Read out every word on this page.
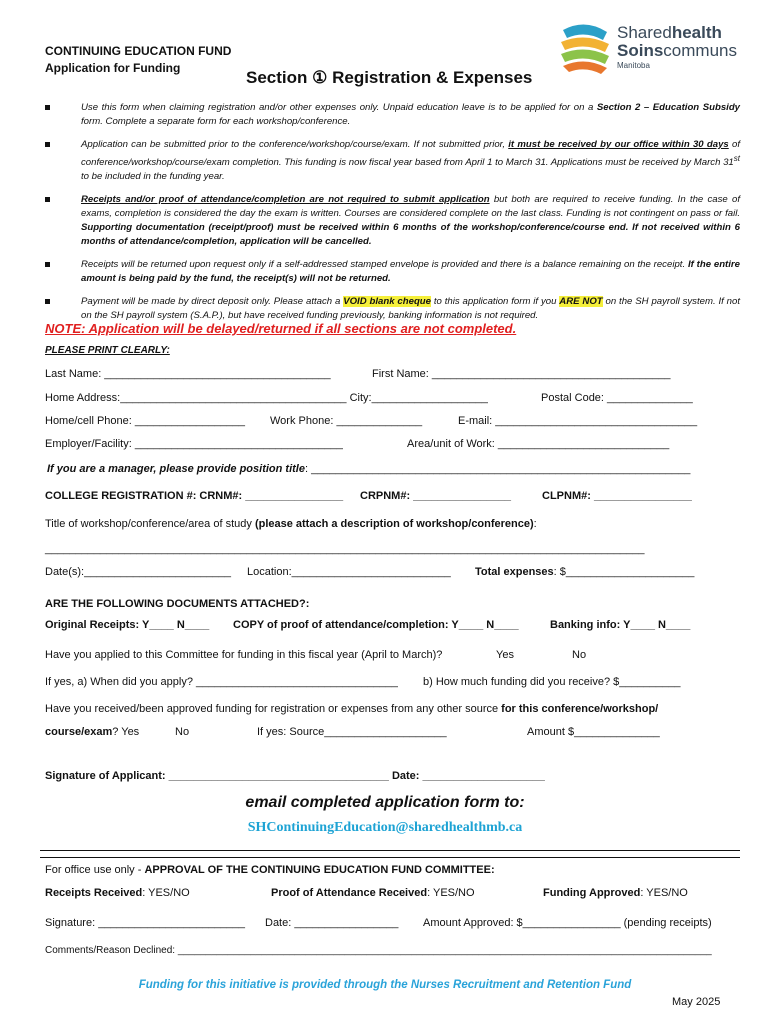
CONTINUING EDUCATION FUND
Application for Funding	Section ① Registration & Expenses
Sharedhealth
Soinscommuns
Manitoba
Use this form when claiming registration and/or other expenses only. Unpaid education leave is to be applied for on a Section 2 – Education Subsidy form. Complete a separate form for each workshop/conference.
Application can be submitted prior to the conference/workshop/course/exam. If not submitted prior, it must be received by our office within 30 days of conference/workshop/course/exam completion. This funding is now fiscal year based from April 1 to March 31. Applications must be received by March 31st to be included in the funding year.
Receipts and/or proof of attendance/completion are not required to submit application but both are required to receive funding. In the case of exams, completion is considered the day the exam is written. Courses are considered complete on the last class. Funding is not contingent on pass or fail. Supporting documentation (receipt/proof) must be received within 6 months of the workshop/conference/course end. If not received within 6 months of attendance/completion, application will be cancelled.
Receipts will be returned upon request only if a self-addressed stamped envelope is provided and there is a balance remaining on the receipt. If the entire amount is being paid by the fund, the receipt(s) will not be returned.
Payment will be made by direct deposit only. Please attach a VOID blank cheque to this application form if you ARE NOT on the SH payroll system. If not on the SH payroll system (S.A.P.), but have received funding previously, banking information is not required.
NOTE: Application will be delayed/returned if all sections are not completed.
PLEASE PRINT CLEARLY:
Last Name: _____________________________________	First Name: _______________________________________
Home Address:_____________________________________ City:___________________	Postal Code: ______________
Home/cell Phone: __________________ Work Phone: ______________	E-mail: _________________________________
Employer/Facility: __________________________________	Area/unit of Work: ____________________________
If you are a manager, please provide position title: ______________________________________________________________
COLLEGE REGISTRATION #: CRNM#: ________________ CRPNM#: ________________	CLPNM#: ________________
Title of workshop/conference/area of study (please attach a description of workshop/conference):
__________________________________________________________________________________________________
Date(s):________________________ Location:__________________________ Total expenses: $_____________________
ARE THE FOLLOWING DOCUMENTS ATTACHED?:
Original Receipts: Y____ N____ COPY of proof of attendance/completion: Y____ N____	Banking info: Y____ N____
Have you applied to this Committee for funding in this fiscal year (April to March)?	Yes	No
If yes, a) When did you apply? _________________________________ b) How much funding did you receive? $__________
Have you received/been approved funding for registration or expenses from any other source for this conference/workshop/
course/exam? Yes	No	If yes: Source____________________	Amount $______________
Signature of Applicant: ____________________________________ Date: ____________________
email completed application form to:
SHContinuingEducation@sharedhealthmb.ca
For office use only - APPROVAL OF THE CONTINUING EDUCATION FUND COMMITTEE:
Receipts Received: YES/NO	Proof of Attendance Received: YES/NO	Funding Approved: YES/NO
Signature: ________________________ Date: _________________ Amount Approved: $________________ (pending receipts)
Comments/Reason Declined: ________________________________________________________________________________________________
Funding for this initiative is provided through the Nurses Recruitment and Retention Fund
May 2025
